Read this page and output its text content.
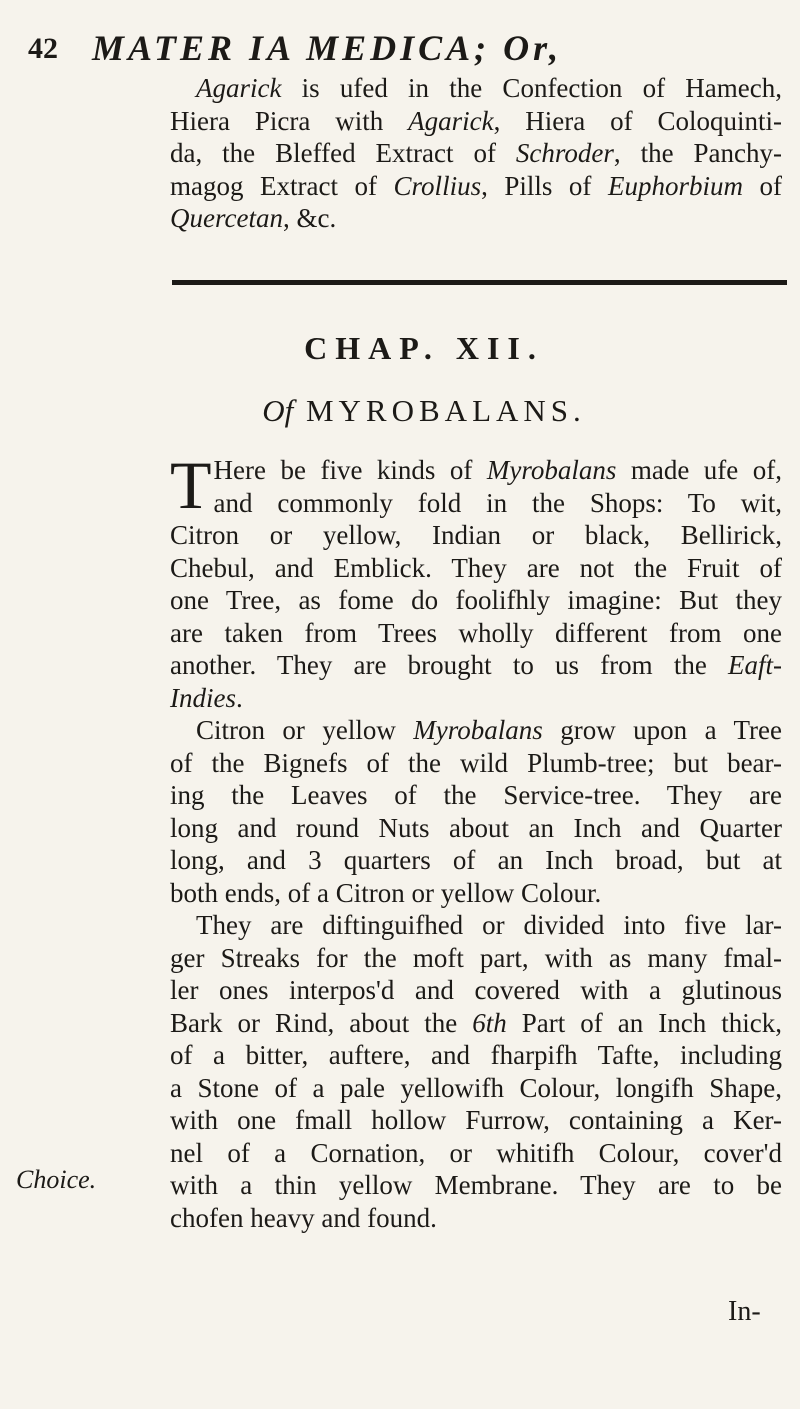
42 MATER IA MEDICA; Or,
Agarick is ufed in the Confection of Hamech,
Hiera Picra with Agarick, Hiera of Coloquinti-
da, the Bleffed Extract of Schroder, the Panchy-
magog Extract of Crollius, Pills of Euphorbium of
Quercetan, &c.
CHAP. XII.
Of MYROBALANS.
T Here be five kinds of Myrobalans made ufe of,
and commonly fold in the Shops: To wit,
Citron or yellow, Indian or black, Bellirick,
Chebul, and Emblick. They are not the Fruit of
one Tree, as fome do foolifhly imagine: But they
are taken from Trees wholly different from one
another. They are brought to us from the Eaft-
Indies.
Citron or yellow Myrobalans grow upon a Tree
of the Bignefs of the wild Plumb-tree; but bear-
ing the Leaves of the Service-tree. They are
long and round Nuts about an Inch and Quarter
long, and 3 quarters of an Inch broad, but at
both ends, of a Citron or yellow Colour.
They are diftinguifhed or divided into five lar-
ger Streaks for the moft part, with as many fmal-
ler ones interpos'd and covered with a glutinous
Bark or Rind, about the 6th Part of an Inch thick,
of a bitter, auftere, and fharpifh Tafte, including
a Stone of a pale yellowifh Colour, longifh Shape,
with one fmall hollow Furrow, containing a Ker-
nel of a Cornation, or whitifh Colour, cover'd
with a thin yellow Membrane. They are to be
chofen heavy and found.
Choice.
In-
